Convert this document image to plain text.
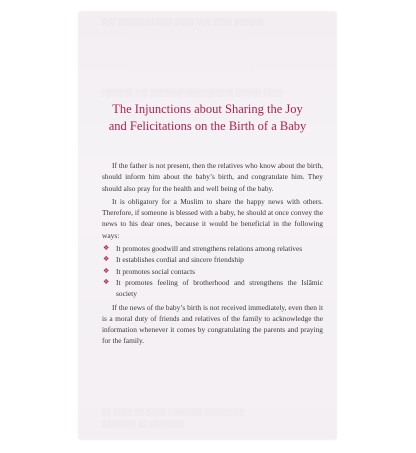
░░░ ░░░░░░░░░░░ ░░░░ ░░░ ░░░░ ░░░░░░
░░░░░ ░░ ░░░░░░░░░░░░░ ░░░░ ░░░
░░ ░░░░ ░░ ░░░░ ░░░░░░░ ░░░░░░░░
░░░░░░░ ░░ ░░░░░░░
The Injunctions about Sharing the Joy
and Felicitations on the Birth of a Baby

If the father is not present, then the relatives who know about the birth, should inform him about the baby’s birth, and congratulate him. They should also pray for the health and well being of the baby.

It is obligatory for a Muslim to share the happy news with others. Therefore, if someone is blessed with a baby, he should at once convey the news to his dear ones, because it would be beneficial in the following ways:

❖ It promotes goodwill and strengthens relations among relatives
❖ It establishes cordial and sincere friendship
❖ It promotes social contacts
❖ It promotes feeling of brotherhood and strengthens the Islāmic society

If the news of the baby’s birth is not received immediately, even then it is a moral duty of friends and relatives of the family to acknowledge the information whenever it comes by congratulating the parents and praying for the family.
